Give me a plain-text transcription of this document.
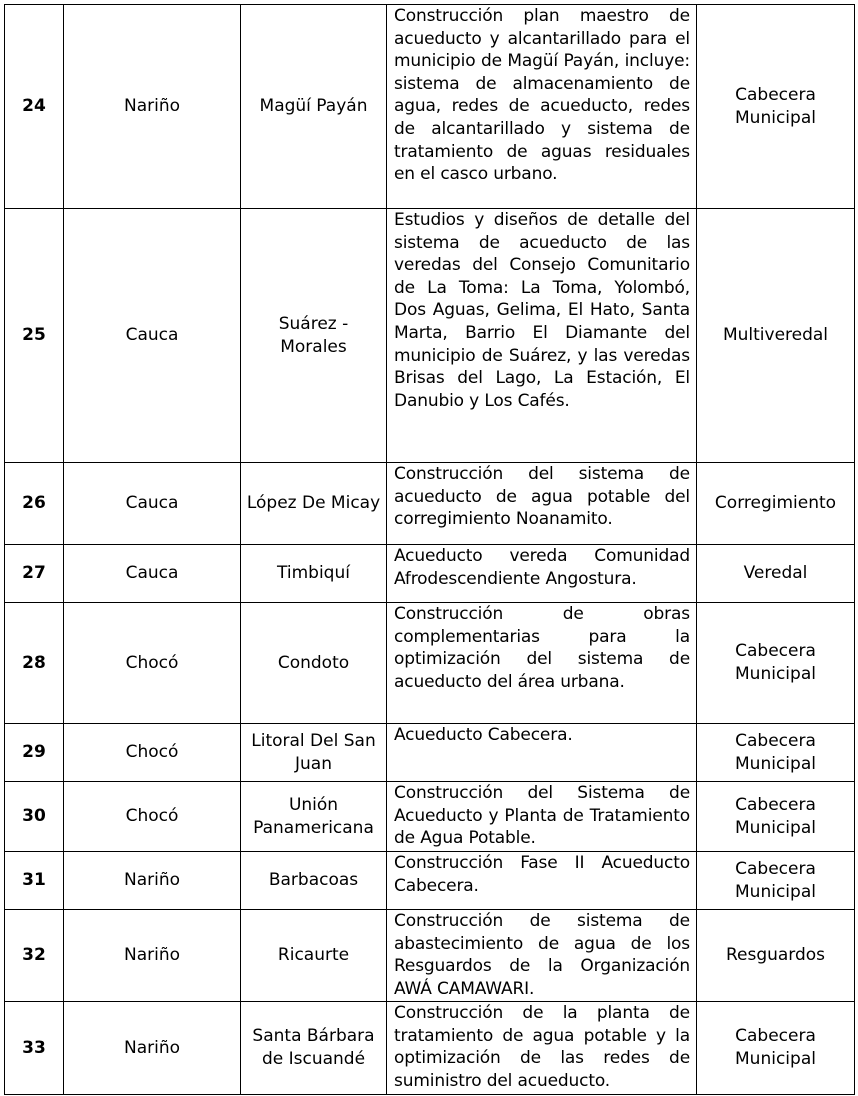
24	Nariño	Magüí Payán	Construcción plan maestro de acueducto y alcantarillado para el municipio de Magüí Payán, incluye: sistema de almacenamiento de agua, redes de acueducto, redes de alcantarillado y sistema de tratamiento de aguas residuales en el casco urbano.	Cabecera Municipal
25	Cauca	Suárez - Morales	Estudios y diseños de detalle del sistema de acueducto de las veredas del Consejo Comunitario de La Toma: La Toma, Yolombó, Dos Aguas, Gelima, El Hato, Santa Marta, Barrio El Diamante del municipio de Suárez, y las veredas Brisas del Lago, La Estación, El Danubio y Los Cafés.	Multiveredal
26	Cauca	López De Micay	Construcción del sistema de acueducto de agua potable del corregimiento Noanamito.	Corregimiento
27	Cauca	Timbiquí	Acueducto vereda Comunidad Afrodescendiente Angostura.	Veredal
28	Chocó	Condoto	Construcción de obras complementarias para la optimización del sistema de acueducto del área urbana.	Cabecera Municipal
29	Chocó	Litoral Del San Juan	Acueducto Cabecera.	Cabecera Municipal
30	Chocó	Unión Panamericana	Construcción del Sistema de Acueducto y Planta de Tratamiento de Agua Potable.	Cabecera Municipal
31	Nariño	Barbacoas	Construcción Fase II Acueducto Cabecera.	Cabecera Municipal
32	Nariño	Ricaurte	Construcción de sistema de abastecimiento de agua de los Resguardos de la Organización AWÁ CAMAWARI.	Resguardos
33	Nariño	Santa Bárbara de Iscuandé	Construcción de la planta de tratamiento de agua potable y la optimización de las redes de suministro del acueducto.	Cabecera Municipal
